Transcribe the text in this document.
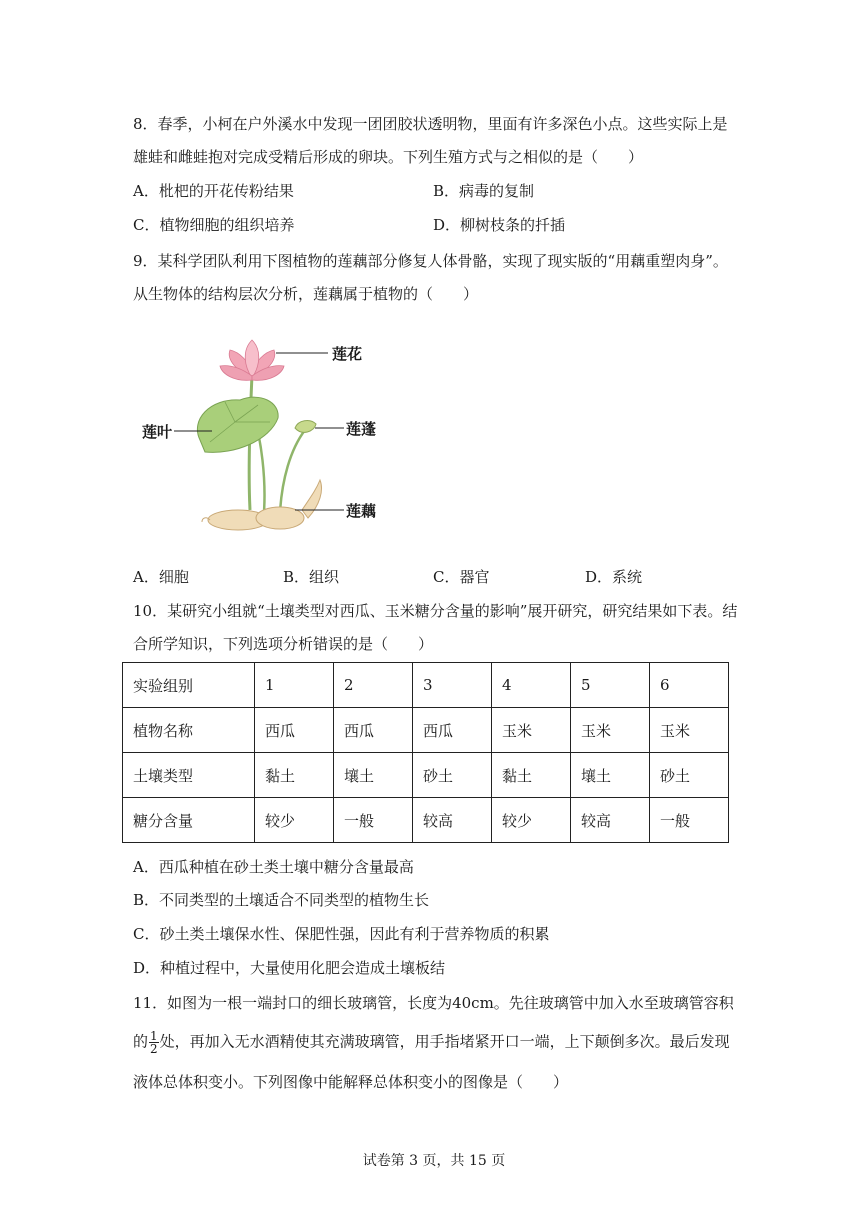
8．春季，小柯在户外溪水中发现一团团胶状透明物，里面有许多深色小点。这些实际上是
雄蛙和雌蛙抱对完成受精后形成的卵块。下列生殖方式与之相似的是（　　）
A．枇杷的开花传粉结果	B．病毒的复制
C．植物细胞的组织培养	D．柳树枝条的扦插
9．某科学团队利用下图植物的莲藕部分修复人体骨骼，实现了现实版的“用藕重塑肉身”。
从生物体的结构层次分析，莲藕属于植物的（　　）
莲花
莲叶	莲蓬
莲藕
A．细胞	B．组织	C．器官	D．系统
10．某研究小组就“土壤类型对西瓜、玉米糖分含量的影响”展开研究，研究结果如下表。结
合所学知识，下列选项分析错误的是（　　）
实验组别	1	2	3	4	5	6
植物名称	西瓜	西瓜	西瓜	玉米	玉米	玉米
土壤类型	黏土	壤土	砂土	黏土	壤土	砂土
糖分含量	较少	一般	较高	较少	较高	一般
A．西瓜种植在砂土类土壤中糖分含量最高
B．不同类型的土壤适合不同类型的植物生长
C．砂土类土壤保水性、保肥性强，因此有利于营养物质的积累
D．种植过程中，大量使用化肥会造成土壤板结
11．如图为一根一端封口的细长玻璃管，长度为40cm。先往玻璃管中加入水至玻璃管容积
的 $\frac{1}{2}$ 处，再加入无水酒精使其充满玻璃管，用手指堵紧开口一端，上下颠倒多次。最后发现
液体总体积变小。下列图像中能解释总体积变小的图像是（　　）
试卷第 3 页，共 15 页
